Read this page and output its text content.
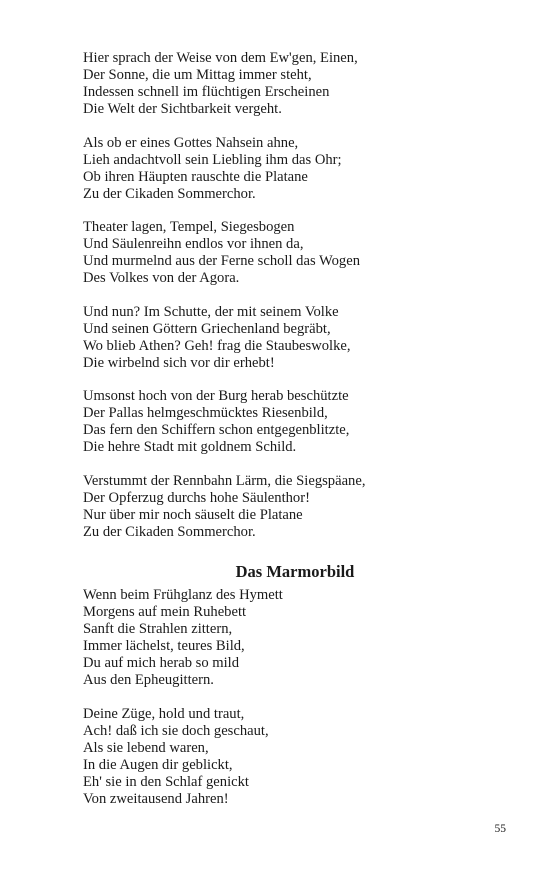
Hier sprach der Weise von dem Ew'gen, Einen,
Der Sonne, die um Mittag immer steht,
Indessen schnell im flüchtigen Erscheinen
Die Welt der Sichtbarkeit vergeht.
Als ob er eines Gottes Nahsein ahne,
Lieh andachtvoll sein Liebling ihm das Ohr;
Ob ihren Häupten rauschte die Platane
Zu der Cikaden Sommerchor.
Theater lagen, Tempel, Siegesbogen
Und Säulenreihn endlos vor ihnen da,
Und murmelnd aus der Ferne scholl das Wogen
Des Volkes von der Agora.
Und nun? Im Schutte, der mit seinem Volke
Und seinen Göttern Griechenland begräbt,
Wo blieb Athen? Geh! frag die Staubeswolke,
Die wirbelnd sich vor dir erhebt!
Umsonst hoch von der Burg herab beschützte
Der Pallas helmgeschmücktes Riesenbild,
Das fern den Schiffern schon entgegenblitzte,
Die hehre Stadt mit goldnem Schild.
Verstummt der Rennbahn Lärm, die Siegspäane,
Der Opferzug durchs hohe Säulenthor!
Nur über mir noch säuselt die Platane
Zu der Cikaden Sommerchor.
Das Marmorbild
Wenn beim Frühglanz des Hymett
Morgens auf mein Ruhebett
Sanft die Strahlen zittern,
Immer lächelst, teures Bild,
Du auf mich herab so mild
Aus den Epheugittern.
Deine Züge, hold und traut,
Ach! daß ich sie doch geschaut,
Als sie lebend waren,
In die Augen dir geblickt,
Eh' sie in den Schlaf genickt
Von zweitausend Jahren!
55
